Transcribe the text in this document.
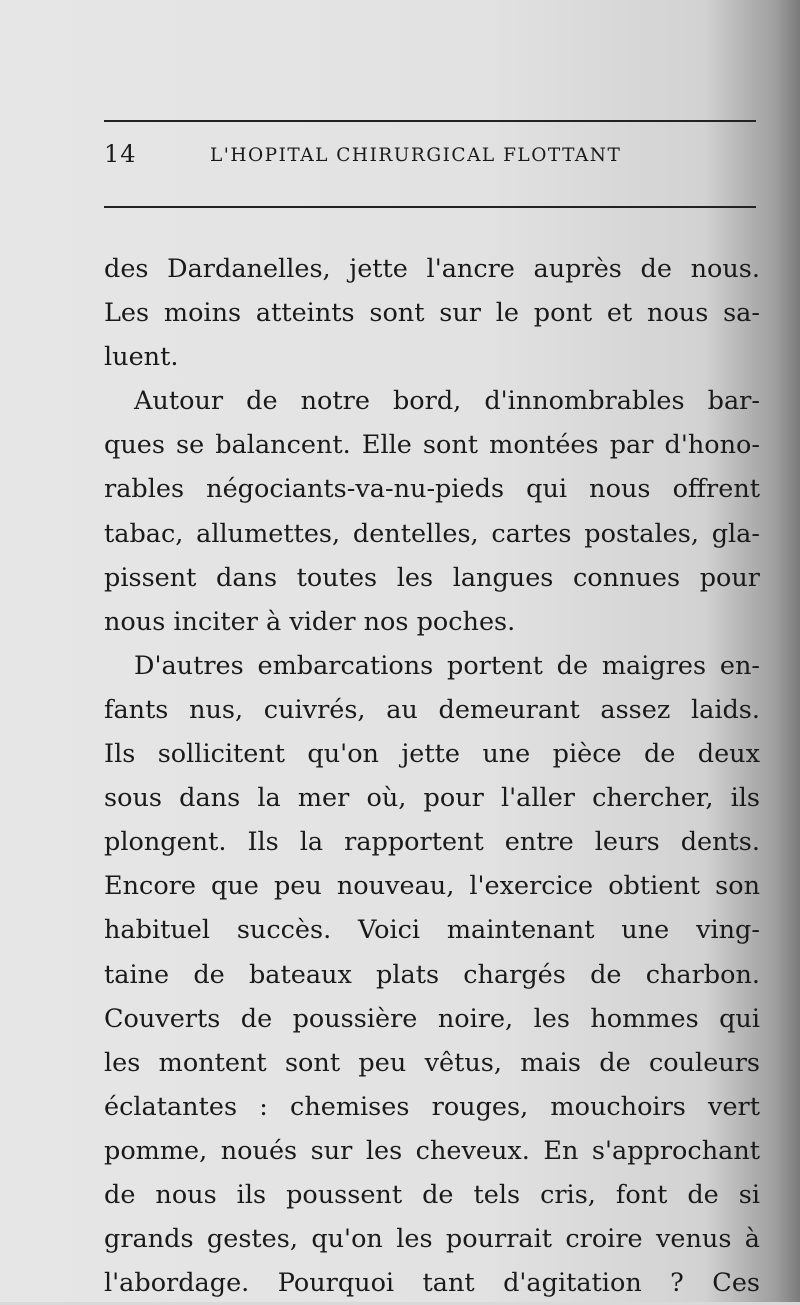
14	L'HOPITAL CHIRURGICAL FLOTTANT
des Dardanelles, jette l'ancre auprès de nous.
Les moins atteints sont sur le pont et nous sa-
luent.
Autour de notre bord, d'innombrables bar-
ques se balancent. Elle sont montées par d'hono-
rables négociants-va-nu-pieds qui nous offrent
tabac, allumettes, dentelles, cartes postales, gla-
pissent dans toutes les langues connues pour
nous inciter à vider nos poches.
D'autres embarcations portent de maigres en-
fants nus, cuivrés, au demeurant assez laids.
Ils sollicitent qu'on jette une pièce de deux
sous dans la mer où, pour l'aller chercher, ils
plongent. Ils la rapportent entre leurs dents.
Encore que peu nouveau, l'exercice obtient son
habituel succès. Voici maintenant une ving-
taine de bateaux plats chargés de charbon.
Couverts de poussière noire, les hommes qui
les montent sont peu vêtus, mais de couleurs
éclatantes : chemises rouges, mouchoirs vert
pomme, noués sur les cheveux. En s'approchant
de nous ils poussent de tels cris, font de si
grands gestes, qu'on les pourrait croire venus à
l'abordage. Pourquoi tant d'agitation ? Ces
